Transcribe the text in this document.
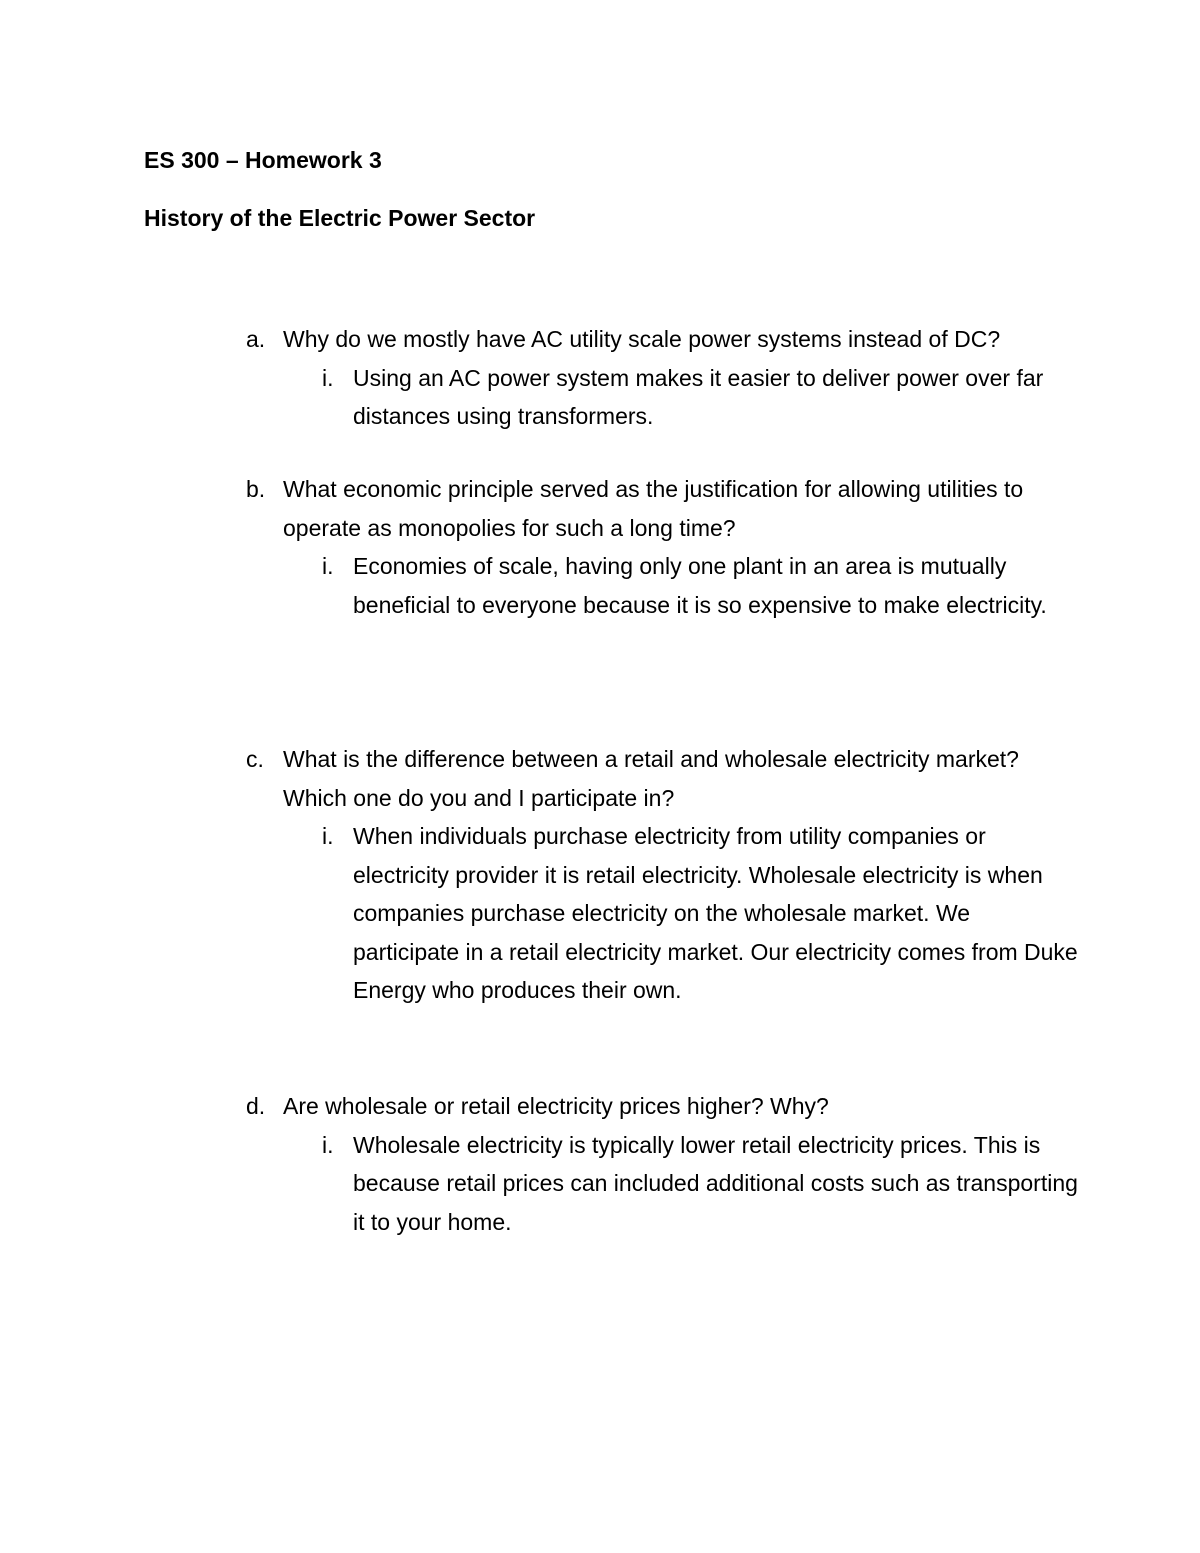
ES 300 – Homework 3
History of the Electric Power Sector
a. Why do we mostly have AC utility scale power systems instead of DC?
i. Using an AC power system makes it easier to deliver power over far distances using transformers.
b. What economic principle served as the justification for allowing utilities to operate as monopolies for such a long time?
i. Economies of scale, having only one plant in an area is mutually beneficial to everyone because it is so expensive to make electricity.
c. What is the difference between a retail and wholesale electricity market? Which one do you and I participate in?
i. When individuals purchase electricity from utility companies or electricity provider it is retail electricity. Wholesale electricity is when companies purchase electricity on the wholesale market. We participate in a retail electricity market. Our electricity comes from Duke Energy who produces their own.
d. Are wholesale or retail electricity prices higher? Why?
i. Wholesale electricity is typically lower retail electricity prices. This is because retail prices can included additional costs such as transporting it to your home.
